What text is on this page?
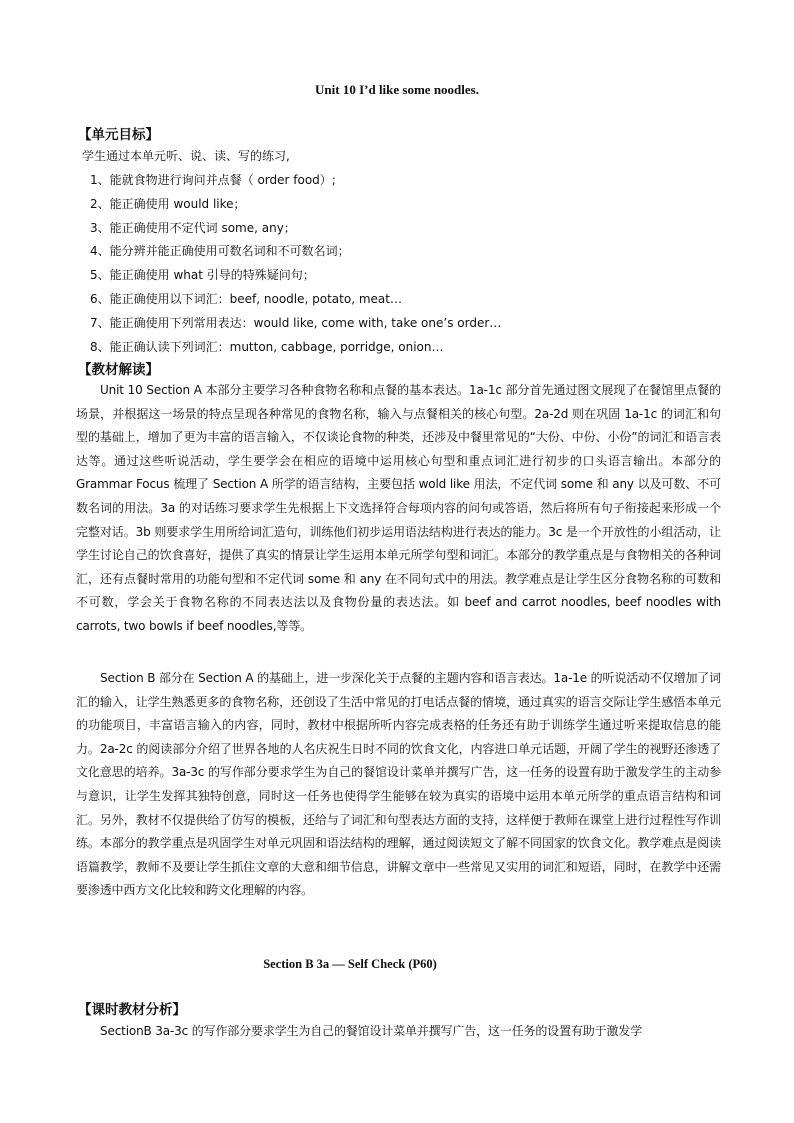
Unit 10 I’d like some noodles.
【单元目标】
学生通过本单元听、说、读、写的练习,
1、能就食物进行询问并点餐（ order food）;
2、能正确使用 would like；
3、能正确使用不定代词 some, any；
4、能分辨并能正确使用可数名词和不可数名词；
5、能正确使用 what 引导的特殊疑问句；
6、能正确使用以下词汇：beef, noodle, potato, meat…
7、能正确使用下列常用表达：would like, come with, take one’s order…
8、能正确认读下列词汇：mutton, cabbage, porridge, onion…
【教材解读】
Unit 10 Section A 本部分主要学习各种食物名称和点餐的基本表达。1a-1c 部分首先通过图文展现了在餐馆里点餐的场景，并根据这一场景的特点呈现各种常见的食物名称，输入与点餐相关的核心句型。2a-2d 则在巩固 1a-1c 的词汇和句型的基础上，增加了更为丰富的语言输入，不仅谈论食物的种类，还涉及中餐里常见的“大份、中份、小份”的词汇和语言表达等。通过这些听说活动，学生要学会在相应的语境中运用核心句型和重点词汇进行初步的口头语言输出。本部分的 Grammar Focus 梳理了 Section A 所学的语言结构，主要包括 wold like 用法，不定代词 some 和 any 以及可数、不可数名词的用法。3a 的对话练习要求学生先根据上下文选择符合每项内容的问句或答语，然后将所有句子衔接起来形成一个完整对话。3b 则要求学生用所给词汇造句，训练他们初步运用语法结构进行表达的能力。3c 是一个开放性的小组活动，让学生讨论自己的饮食喜好，提供了真实的情景让学生运用本单元所学句型和词汇。本部分的教学重点是与食物相关的各种词汇，还有点餐时常用的功能句型和不定代词 some 和 any 在不同句式中的用法。教学难点是让学生区分食物名称的可数和不可数，学会关于食物名称的不同表达法以及食物份量的表达法。如 beef and carrot noodles, beef noodles with carrots, two bowls if beef noodles,等等。
Section B 部分在 Section A 的基础上，进一步深化关于点餐的主题内容和语言表达。1a-1e 的听说活动不仅增加了词汇的输入，让学生熟悉更多的食物名称，还创设了生活中常见的打电话点餐的情境，通过真实的语言交际让学生感悟本单元的功能项目，丰富语言输入的内容，同时，教材中根据所听内容完成表格的任务还有助于训练学生通过听来提取信息的能力。2a-2c 的阅读部分介绍了世界各地的人名庆祝生日时不同的饮食文化，内容进口单元话题，开阔了学生的视野还渗透了文化意思的培养。3a-3c 的写作部分要求学生为自己的餐馆设计菜单并撰写广告，这一任务的设置有助于激发学生的主动参与意识，让学生发挥其独特创意，同时这一任务也使得学生能够在较为真实的语境中运用本单元所学的重点语言结构和词汇。另外，教材不仅提供给了仿写的模板，还给与了词汇和句型表达方面的支持，这样便于教师在课堂上进行过程性写作训练。本部分的教学重点是巩固学生对单元巩固和语法结构的理解，通过阅读短文了解不同国家的饮食文化。教学难点是阅读语篇教学，教师不及要让学生抓住文章的大意和细节信息，讲解文章中一些常见又实用的词汇和短语，同时，在教学中还需要渗透中西方文化比较和跨文化理解的内容。
Section B 3a — Self Check (P60)
【课时教材分析】
SectionB 3a-3c 的写作部分要求学生为自己的餐馆设计菜单并撰写广告，这一任务的设置有助于激发学
